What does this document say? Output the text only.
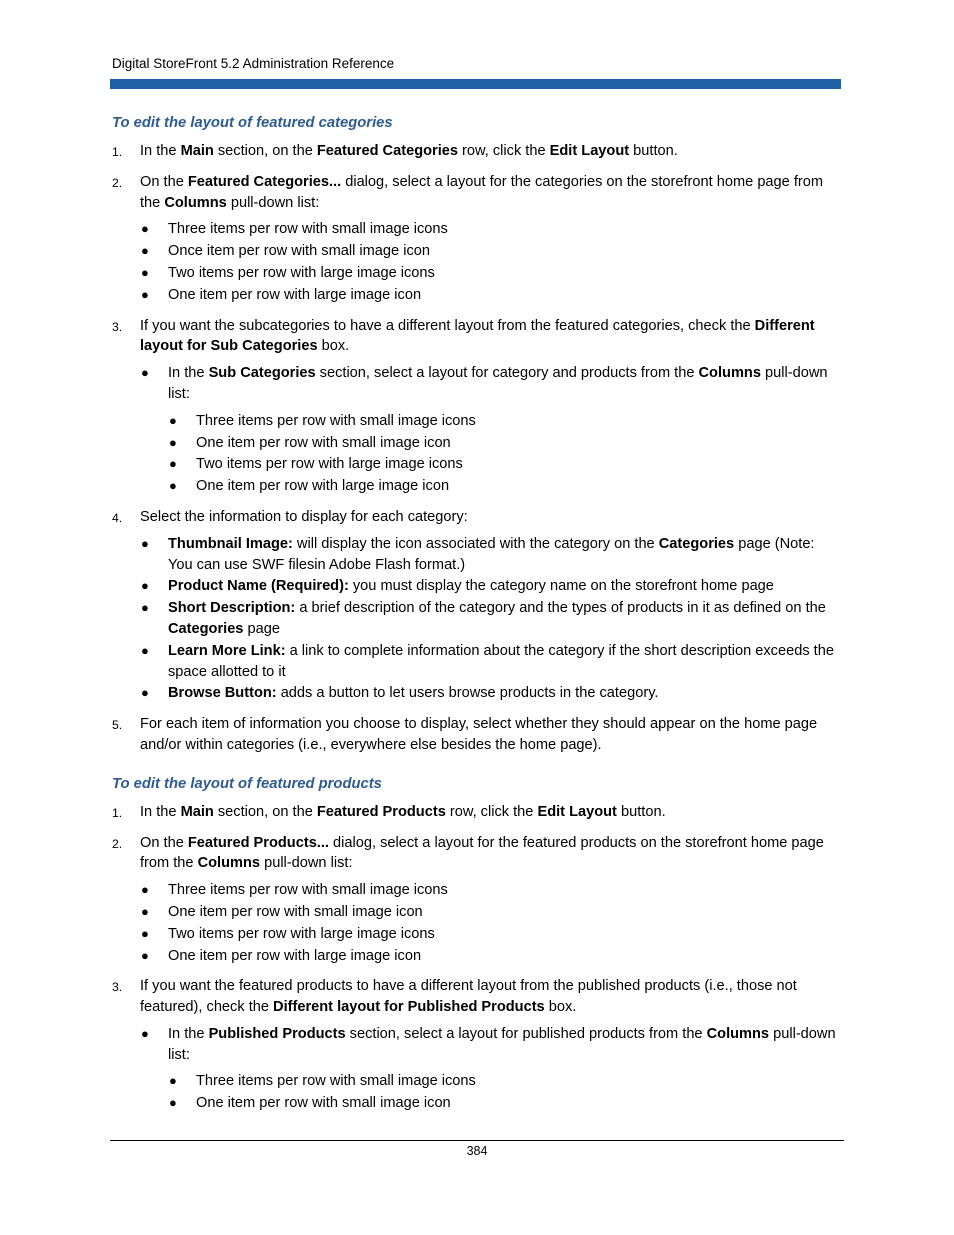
Digital StoreFront 5.2 Administration Reference
To edit the layout of featured categories
1. In the Main section, on the Featured Categories row, click the Edit Layout button.
2. On the Featured Categories... dialog, select a layout for the categories on the storefront home page from the Columns pull-down list:
● Three items per row with small image icons
● Once item per row with small image icon
● Two items per row with large image icons
● One item per row with large image icon
3. If you want the subcategories to have a different layout from the featured categories, check the Different layout for Sub Categories box.
● In the Sub Categories section, select a layout for category and products from the Columns pull-down list:
● Three items per row with small image icons
● One item per row with small image icon
● Two items per row with large image icons
● One item per row with large image icon
4. Select the information to display for each category:
● Thumbnail Image: will display the icon associated with the category on the Categories page (Note: You can use SWF filesin Adobe Flash format.)
● Product Name (Required): you must display the category name on the storefront home page
● Short Description: a brief description of the category and the types of products in it as defined on the Categories page
● Learn More Link: a link to complete information about the category if the short description exceeds the space allotted to it
● Browse Button: adds a button to let users browse products in the category.
5. For each item of information you choose to display, select whether they should appear on the home page and/or within categories (i.e., everywhere else besides the home page).
To edit the layout of featured products
1. In the Main section, on the Featured Products row, click the Edit Layout button.
2. On the Featured Products... dialog, select a layout for the featured products on the storefront home page from the Columns pull-down list:
● Three items per row with small image icons
● One item per row with small image icon
● Two items per row with large image icons
● One item per row with large image icon
3. If you want the featured products to have a different layout from the published products (i.e., those not featured), check the Different layout for Published Products box.
● In the Published Products section, select a layout for published products from the Columns pull-down list:
● Three items per row with small image icons
● One item per row with small image icon
384
